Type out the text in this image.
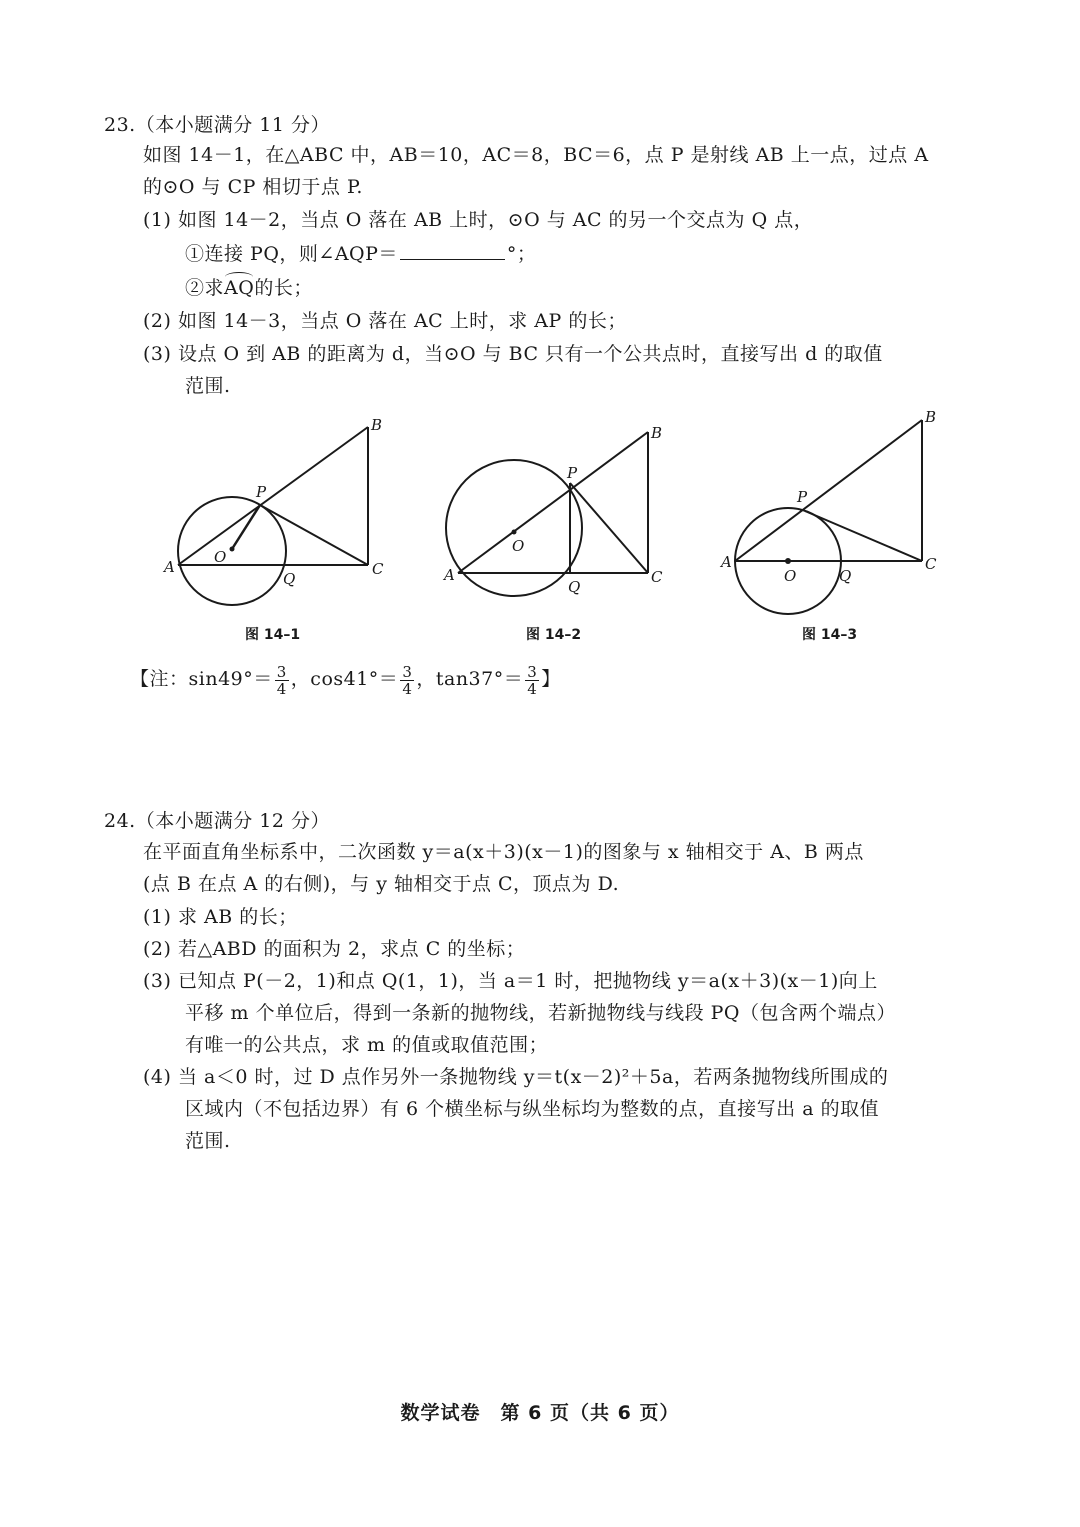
23.（本小题满分 11 分）
如图 14－1，在△ABC 中，AB＝10，AC＝8，BC＝6，点 P 是射线 AB 上一点，过点 A
的⊙O 与 CP 相切于点 P.
(1) 如图 14－2，当点 O 落在 AB 上时，⊙O 与 AC 的另一个交点为 Q 点，
①连接 PQ，则∠AQP＝	°；
②求AQ的长；
(2) 如图 14－3，当点 O 落在 AC 上时，求 AP 的长；
(3) 设点 O 到 AB 的距离为 d，当⊙O 与 BC 只有一个公共点时，直接写出 d 的取值
范围.
A
B
C
P
O
Q
图 14–1
A
B
C
P
O
Q
图 14–2
A
B
C
P
O	Q
图 14–3
【注：$\sin 49^\circ= \frac{3}{4}$ ，$\cos 41^\circ= \frac{3}{4}$ ，$\tan 37^\circ= \frac{3}{4}$ 】
24.（本小题满分 12 分）
在平面直角坐标系中，二次函数 y＝a(x＋3)(x－1)的图象与 x 轴相交于 A、B 两点
(点 B 在点 A 的右侧)，与 y 轴相交于点 C，顶点为 D.
(1) 求 AB 的长；
(2) 若△ABD 的面积为 2，求点 C 的坐标；
(3) 已知点 P(－2，1)和点 Q(1，1)，当 a＝1 时，把抛物线 y＝a(x＋3)(x－1)向上
平移 m 个单位后，得到一条新的抛物线，若新抛物线与线段 PQ（包含两个端点）
有唯一的公共点，求 m 的值或取值范围；
(4) 当 a＜0 时，过 D 点作另外一条抛物线 y＝t(x－2)²＋5a，若两条抛物线所围成的
区域内（不包括边界）有 6 个横坐标与纵坐标均为整数的点，直接写出 a 的取值
范围.
数学试卷　第 6 页（共 6 页）
